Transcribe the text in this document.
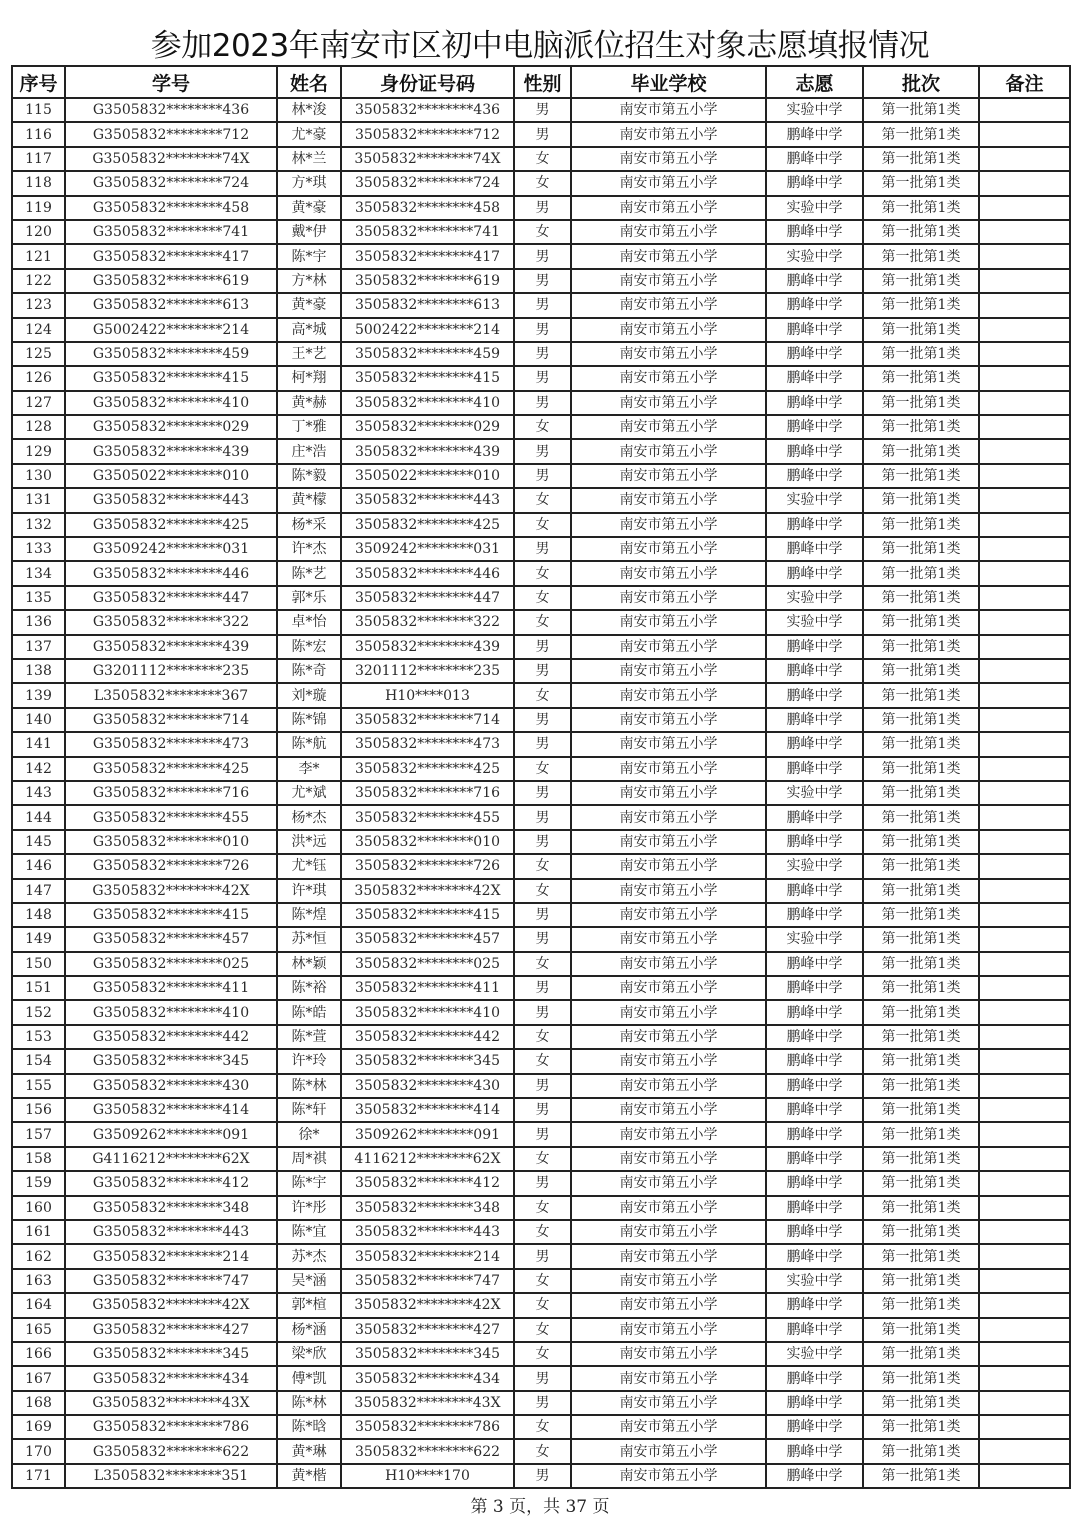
参加2023年南安市区初中电脑派位招生对象志愿填报情况
序号	学号	姓名	身份证号码	性别	毕业学校	志愿	批次	备注
115	G3505832********436	林*浚	3505832********436	男	南安市第五小学	实验中学	第一批第1类	
116	G3505832********712	尤*豪	3505832********712	男	南安市第五小学	鹏峰中学	第一批第1类	
117	G3505832********74X	林*兰	3505832********74X	女	南安市第五小学	鹏峰中学	第一批第1类	
118	G3505832********724	方*琪	3505832********724	女	南安市第五小学	鹏峰中学	第一批第1类	
119	G3505832********458	黄*豪	3505832********458	男	南安市第五小学	实验中学	第一批第1类	
120	G3505832********741	戴*伊	3505832********741	女	南安市第五小学	鹏峰中学	第一批第1类	
121	G3505832********417	陈*宇	3505832********417	男	南安市第五小学	实验中学	第一批第1类	
122	G3505832********619	方*林	3505832********619	男	南安市第五小学	鹏峰中学	第一批第1类	
123	G3505832********613	黄*豪	3505832********613	男	南安市第五小学	鹏峰中学	第一批第1类	
124	G5002422********214	高*城	5002422********214	男	南安市第五小学	鹏峰中学	第一批第1类	
125	G3505832********459	王*艺	3505832********459	男	南安市第五小学	鹏峰中学	第一批第1类	
126	G3505832********415	柯*翔	3505832********415	男	南安市第五小学	鹏峰中学	第一批第1类	
127	G3505832********410	黄*赫	3505832********410	男	南安市第五小学	鹏峰中学	第一批第1类	
128	G3505832********029	丁*雅	3505832********029	女	南安市第五小学	鹏峰中学	第一批第1类	
129	G3505832********439	庄*浩	3505832********439	男	南安市第五小学	鹏峰中学	第一批第1类	
130	G3505022********010	陈*毅	3505022********010	男	南安市第五小学	鹏峰中学	第一批第1类	
131	G3505832********443	黄*檬	3505832********443	女	南安市第五小学	实验中学	第一批第1类	
132	G3505832********425	杨*采	3505832********425	女	南安市第五小学	鹏峰中学	第一批第1类	
133	G3509242********031	许*杰	3509242********031	男	南安市第五小学	鹏峰中学	第一批第1类	
134	G3505832********446	陈*艺	3505832********446	女	南安市第五小学	鹏峰中学	第一批第1类	
135	G3505832********447	郭*乐	3505832********447	女	南安市第五小学	实验中学	第一批第1类	
136	G3505832********322	卓*怡	3505832********322	女	南安市第五小学	实验中学	第一批第1类	
137	G3505832********439	陈*宏	3505832********439	男	南安市第五小学	鹏峰中学	第一批第1类	
138	G3201112********235	陈*奇	3201112********235	男	南安市第五小学	鹏峰中学	第一批第1类	
139	L3505832********367	刘*璇	H10****013	女	南安市第五小学	鹏峰中学	第一批第1类	
140	G3505832********714	陈*锦	3505832********714	男	南安市第五小学	鹏峰中学	第一批第1类	
141	G3505832********473	陈*航	3505832********473	男	南安市第五小学	鹏峰中学	第一批第1类	
142	G3505832********425	李*	3505832********425	女	南安市第五小学	鹏峰中学	第一批第1类	
143	G3505832********716	尤*斌	3505832********716	男	南安市第五小学	实验中学	第一批第1类	
144	G3505832********455	杨*杰	3505832********455	男	南安市第五小学	鹏峰中学	第一批第1类	
145	G3505832********010	洪*远	3505832********010	男	南安市第五小学	鹏峰中学	第一批第1类	
146	G3505832********726	尤*钰	3505832********726	女	南安市第五小学	实验中学	第一批第1类	
147	G3505832********42X	许*琪	3505832********42X	女	南安市第五小学	鹏峰中学	第一批第1类	
148	G3505832********415	陈*煌	3505832********415	男	南安市第五小学	鹏峰中学	第一批第1类	
149	G3505832********457	苏*恒	3505832********457	男	南安市第五小学	实验中学	第一批第1类	
150	G3505832********025	林*颖	3505832********025	女	南安市第五小学	鹏峰中学	第一批第1类	
151	G3505832********411	陈*裕	3505832********411	男	南安市第五小学	鹏峰中学	第一批第1类	
152	G3505832********410	陈*皓	3505832********410	男	南安市第五小学	鹏峰中学	第一批第1类	
153	G3505832********442	陈*萱	3505832********442	女	南安市第五小学	鹏峰中学	第一批第1类	
154	G3505832********345	许*玲	3505832********345	女	南安市第五小学	鹏峰中学	第一批第1类	
155	G3505832********430	陈*林	3505832********430	男	南安市第五小学	鹏峰中学	第一批第1类	
156	G3505832********414	陈*轩	3505832********414	男	南安市第五小学	鹏峰中学	第一批第1类	
157	G3509262********091	徐*	3509262********091	男	南安市第五小学	鹏峰中学	第一批第1类	
158	G4116212********62X	周*祺	4116212********62X	女	南安市第五小学	鹏峰中学	第一批第1类	
159	G3505832********412	陈*宇	3505832********412	男	南安市第五小学	鹏峰中学	第一批第1类	
160	G3505832********348	许*彤	3505832********348	女	南安市第五小学	鹏峰中学	第一批第1类	
161	G3505832********443	陈*宜	3505832********443	女	南安市第五小学	鹏峰中学	第一批第1类	
162	G3505832********214	苏*杰	3505832********214	男	南安市第五小学	鹏峰中学	第一批第1类	
163	G3505832********747	吴*涵	3505832********747	女	南安市第五小学	实验中学	第一批第1类	
164	G3505832********42X	郭*楦	3505832********42X	女	南安市第五小学	鹏峰中学	第一批第1类	
165	G3505832********427	杨*涵	3505832********427	女	南安市第五小学	鹏峰中学	第一批第1类	
166	G3505832********345	梁*欣	3505832********345	女	南安市第五小学	实验中学	第一批第1类	
167	G3505832********434	傅*凯	3505832********434	男	南安市第五小学	鹏峰中学	第一批第1类	
168	G3505832********43X	陈*林	3505832********43X	男	南安市第五小学	鹏峰中学	第一批第1类	
169	G3505832********786	陈*晗	3505832********786	女	南安市第五小学	鹏峰中学	第一批第1类	
170	G3505832********622	黄*琳	3505832********622	女	南安市第五小学	鹏峰中学	第一批第1类	
171	L3505832********351	黄*楷	H10****170	男	南安市第五小学	鹏峰中学	第一批第1类	
第 3 页，共 37 页
